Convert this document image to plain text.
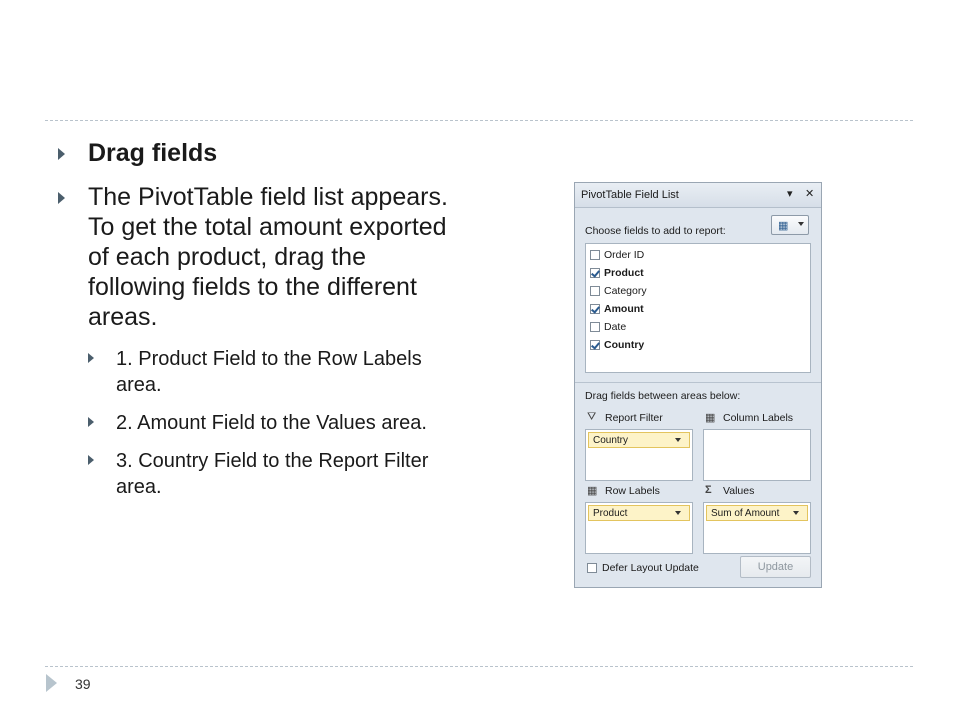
Drag fields
The PivotTable field list appears. To get the total amount exported of each product, drag the following fields to the different areas.
1. Product Field to the Row Labels area.
2. Amount Field to the Values area.
3. Country Field to the Report Filter area.
PivotTable Field List	▾ ✕
Choose fields to add to report:	▦
Order ID
Product
Category
Amount
Date
Country
Drag fields between areas below:
⛛ Report Filter	▦ Column Labels
Country
▦ Row Labels	Σ Values
Product	Sum of Amount
Defer Layout Update	Update
39
